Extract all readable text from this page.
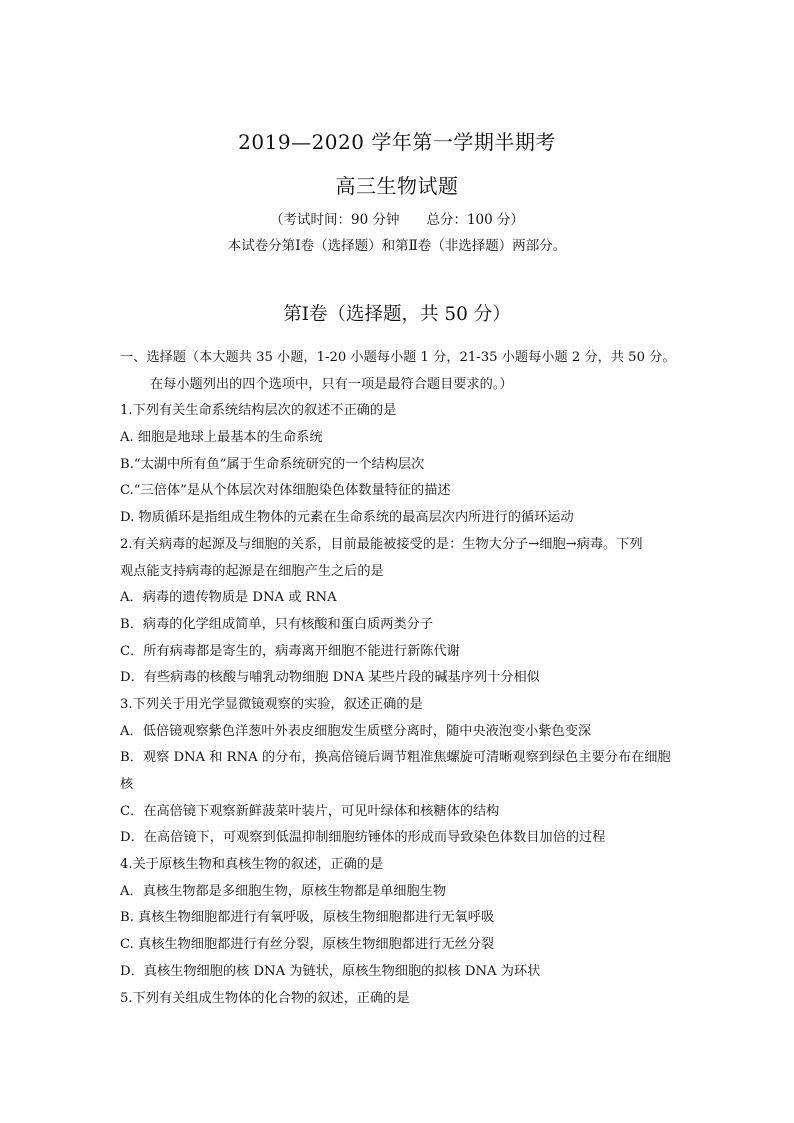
2019—2020 学年第一学期半期考
高三生物试题
（考试时间：90 分钟　　总分：100 分）
本试卷分第Ⅰ卷（选择题）和第Ⅱ卷（非选择题）两部分。
第Ⅰ卷（选择题，共 50 分）
一、选择题（本大题共 35 小题，1-20 小题每小题 1 分，21-35 小题每小题 2 分，共 50 分。
在每小题列出的四个选项中，只有一项是最符合题目要求的。）
1.下列有关生命系统结构层次的叙述不正确的是
A. 细胞是地球上最基本的生命系统
B.“太湖中所有鱼”属于生命系统研究的一个结构层次
C.“三倍体”是从个体层次对体细胞染色体数量特征的描述
D. 物质循环是指组成生物体的元素在生命系统的最高层次内所进行的循环运动
2.有关病毒的起源及与细胞的关系，目前最能被接受的是：生物大分子→细胞→病毒。下列
观点能支持病毒的起源是在细胞产生之后的是
A．病毒的遗传物质是 DNA 或 RNA
B．病毒的化学组成简单，只有核酸和蛋白质两类分子
C．所有病毒都是寄生的，病毒离开细胞不能进行新陈代谢
D．有些病毒的核酸与哺乳动物细胞 DNA 某些片段的碱基序列十分相似
3.下列关于用光学显微镜观察的实验，叙述正确的是
A．低倍镜观察紫色洋葱叶外表皮细胞发生质壁分离时，随中央液泡变小紫色变深
B．观察 DNA 和 RNA 的分布，换高倍镜后调节粗准焦螺旋可清晰观察到绿色主要分布在细胞
核
C．在高倍镜下观察新鲜菠菜叶装片，可见叶绿体和核糖体的结构
D．在高倍镜下，可观察到低温抑制细胞纺锤体的形成而导致染色体数目加倍的过程
4.关于原核生物和真核生物的叙述，正确的是
A．真核生物都是多细胞生物，原核生物都是单细胞生物
B. 真核生物细胞都进行有氧呼吸，原核生物细胞都进行无氧呼吸
C. 真核生物细胞都进行有丝分裂，原核生物细胞都进行无丝分裂
D．真核生物细胞的核 DNA 为链状，原核生物细胞的拟核 DNA 为环状
5.下列有关组成生物体的化合物的叙述，正确的是
